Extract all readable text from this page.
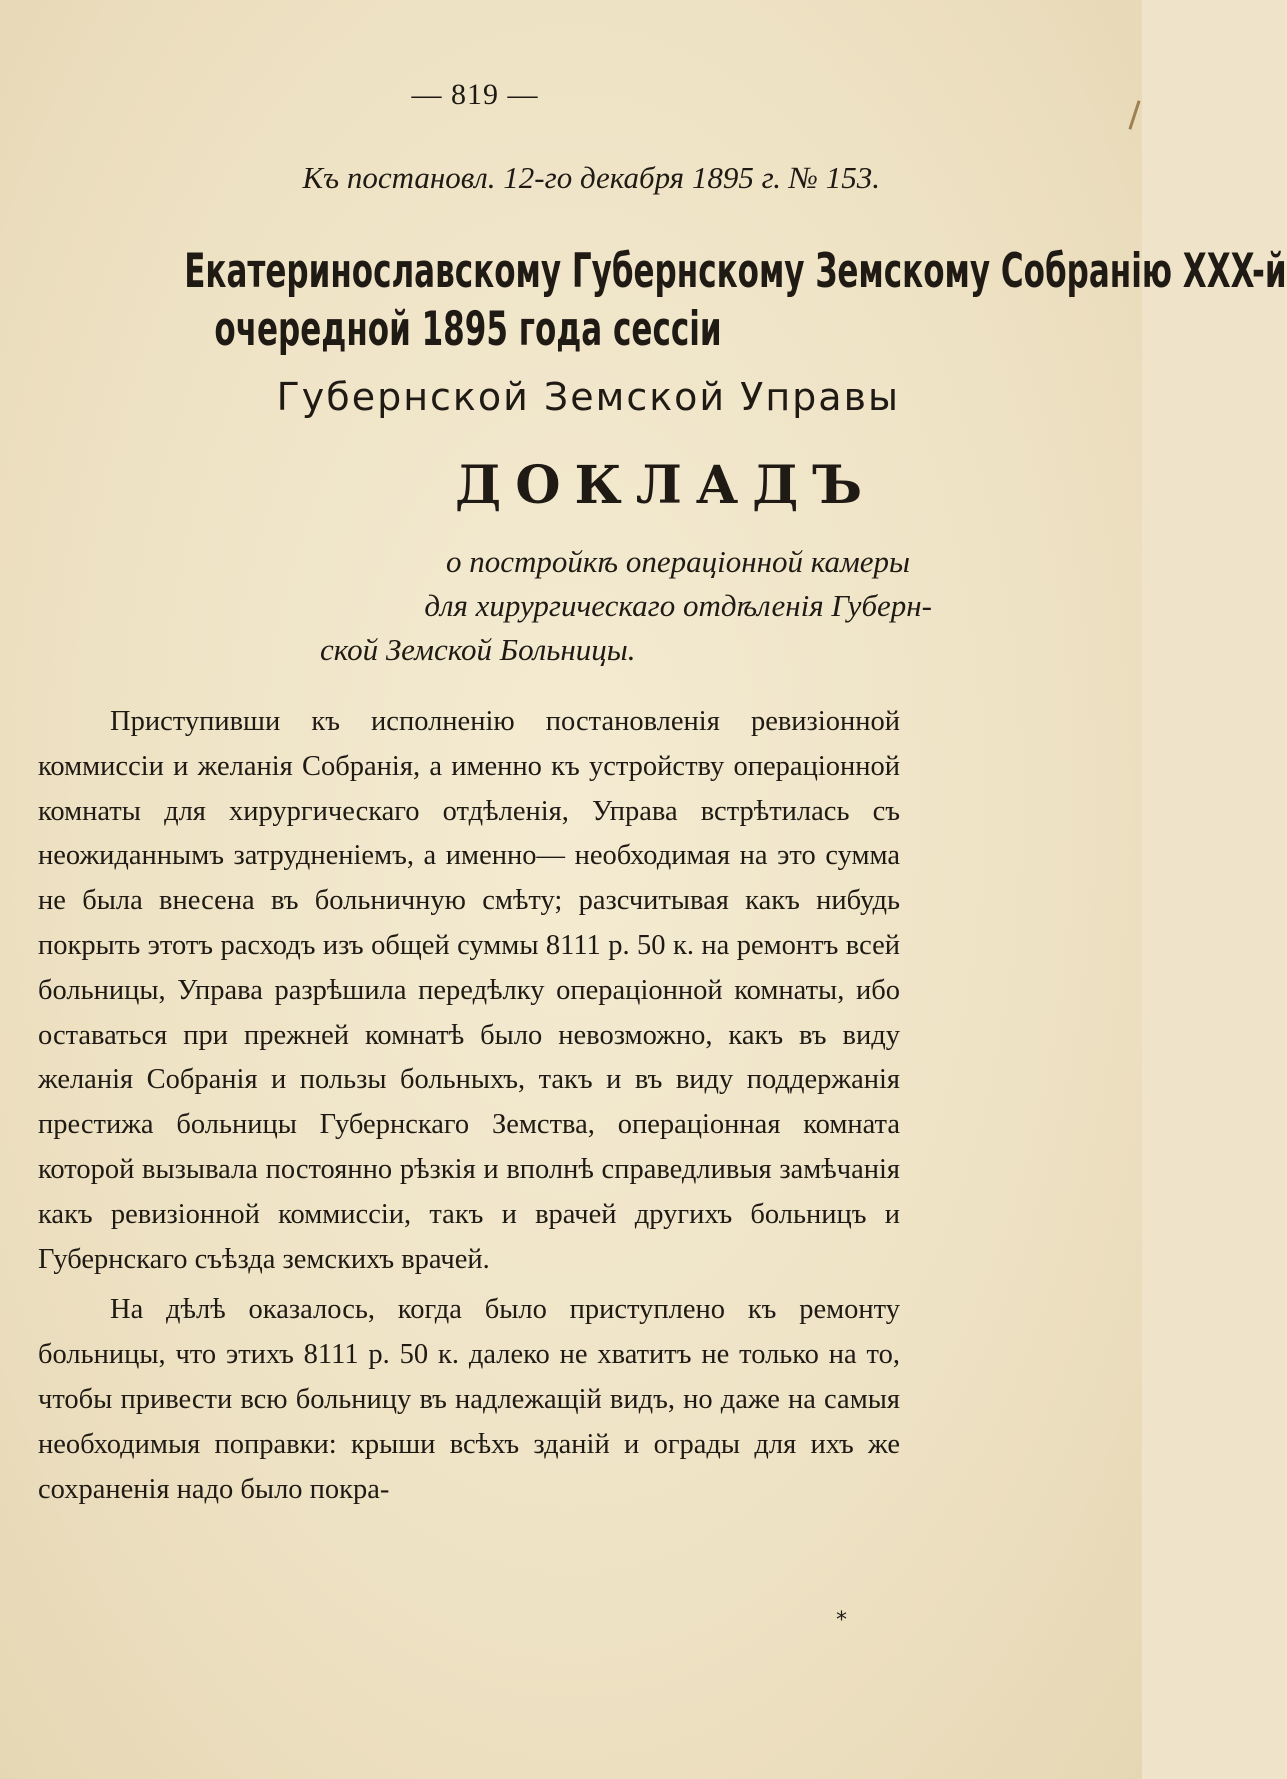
— 819 —
Къ постановл. 12-го декабря 1895 г. № 153.
Екатеринославскому Губернскому Земскому Собранію XXX-й
очередной 1895 года сессіи
Губернской Земской Управы
ДОКЛАДЪ
о постройкѣ операціонной камеры
для хирургическаго отдѣленія Губерн-
ской Земской Больницы.

Приступивши къ исполненію постановленія ревизіонной коммиссіи и желанія Собранія, а именно къ устройству операціонной комнаты для хирургическаго отдѣленія, Управа встрѣтилась съ неожиданнымъ затрудненіемъ, а именно— необходимая на это сумма не была внесена въ больничную смѣту; разсчитывая какъ нибудь покрыть этотъ расходъ изъ общей суммы 8111 р. 50 к. на ремонтъ всей больницы, Управа разрѣшила передѣлку операціонной комнаты, ибо оставаться при прежней комнатѣ было невозможно, какъ въ виду желанія Собранія и пользы больныхъ, такъ и въ виду поддержанія престижа больницы Губернскаго Земства, операціонная комната которой вызывала постоянно рѣзкія и вполнѣ справедливыя замѣчанія какъ ревизіонной коммиссіи, такъ и врачей другихъ больницъ и Губернскаго съѣзда земскихъ врачей.

На дѣлѣ оказалось, когда было приступлено къ ремонту больницы, что этихъ 8111 р. 50 к. далеко не хватитъ не только на то, чтобы привести всю больницу въ надлежащій видъ, но даже на самыя необходимыя поправки: крыши всѣхъ зданій и ограды для ихъ же сохраненія надо было покра-

*
